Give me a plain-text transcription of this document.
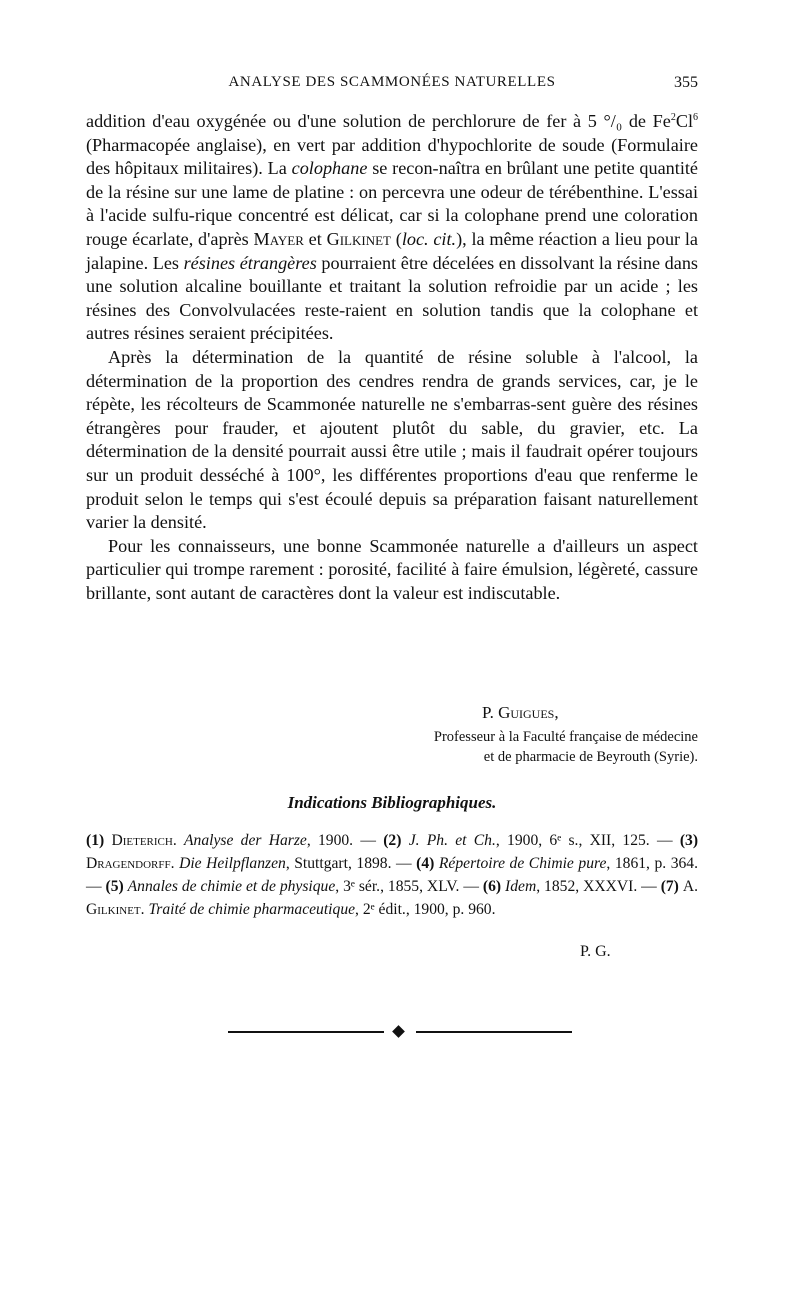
ANALYSE DES SCAMMONÉES NATURELLES	355

addition d'eau oxygénée ou d'une solution de perchlorure de fer à 5 °/₀ de Fe$^2$Cl$^6$ (Pharmacopée anglaise), en vert par addition d'hypochlorite de soude (Formulaire des hôpitaux militaires). La colophane se recon-naîtra en brûlant une petite quantité de la résine sur une lame de platine : on percevra une odeur de térébenthine. L'essai à l'acide sulfu-rique concentré est délicat, car si la colophane prend une coloration rouge écarlate, d'après Mayer et Gilkinet (loc. cit.), la même réaction a lieu pour la jalapine. Les résines étrangères pourraient être décelées en dissolvant la résine dans une solution alcaline bouillante et traitant la solution refroidie par un acide ; les résines des Convolvulacées reste-raient en solution tandis que la colophane et autres résines seraient précipitées.

Après la détermination de la quantité de résine soluble à l'alcool, la détermination de la proportion des cendres rendra de grands services, car, je le répète, les récolteurs de Scammonée naturelle ne s'embarras-sent guère des résines étrangères pour frauder, et ajoutent plutôt du sable, du gravier, etc. La détermination de la densité pourrait aussi être utile ; mais il faudrait opérer toujours sur un produit desséché à 100°, les différentes proportions d'eau que renferme le produit selon le temps qui s'est écoulé depuis sa préparation faisant naturellement varier la densité.

Pour les connaisseurs, une bonne Scammonée naturelle a d'ailleurs un aspect particulier qui trompe rarement : porosité, facilité à faire émulsion, légèreté, cassure brillante, sont autant de caractères dont la valeur est indiscutable.

P. Guigues,
Professeur à la Faculté française de médecine
et de pharmacie de Beyrouth (Syrie).
Indications Bibliographiques.
(1) Dieterich. Analyse der Harze, 1900. — (2) J. Ph. et Ch., 1900, 6ᵉ s., XII, 125. — (3) Dragendorff. Die Heilpflanzen, Stuttgart, 1898. — (4) Répertoire de Chimie pure, 1861, p. 364. — (5) Annales de chimie et de physique, 3ᵉ sér., 1855, XLV. — (6) Idem, 1852, XXXVI. — (7) A. Gilkinet. Traité de chimie pharmaceutique, 2ᵉ édit., 1900, p. 960.
P. G.
